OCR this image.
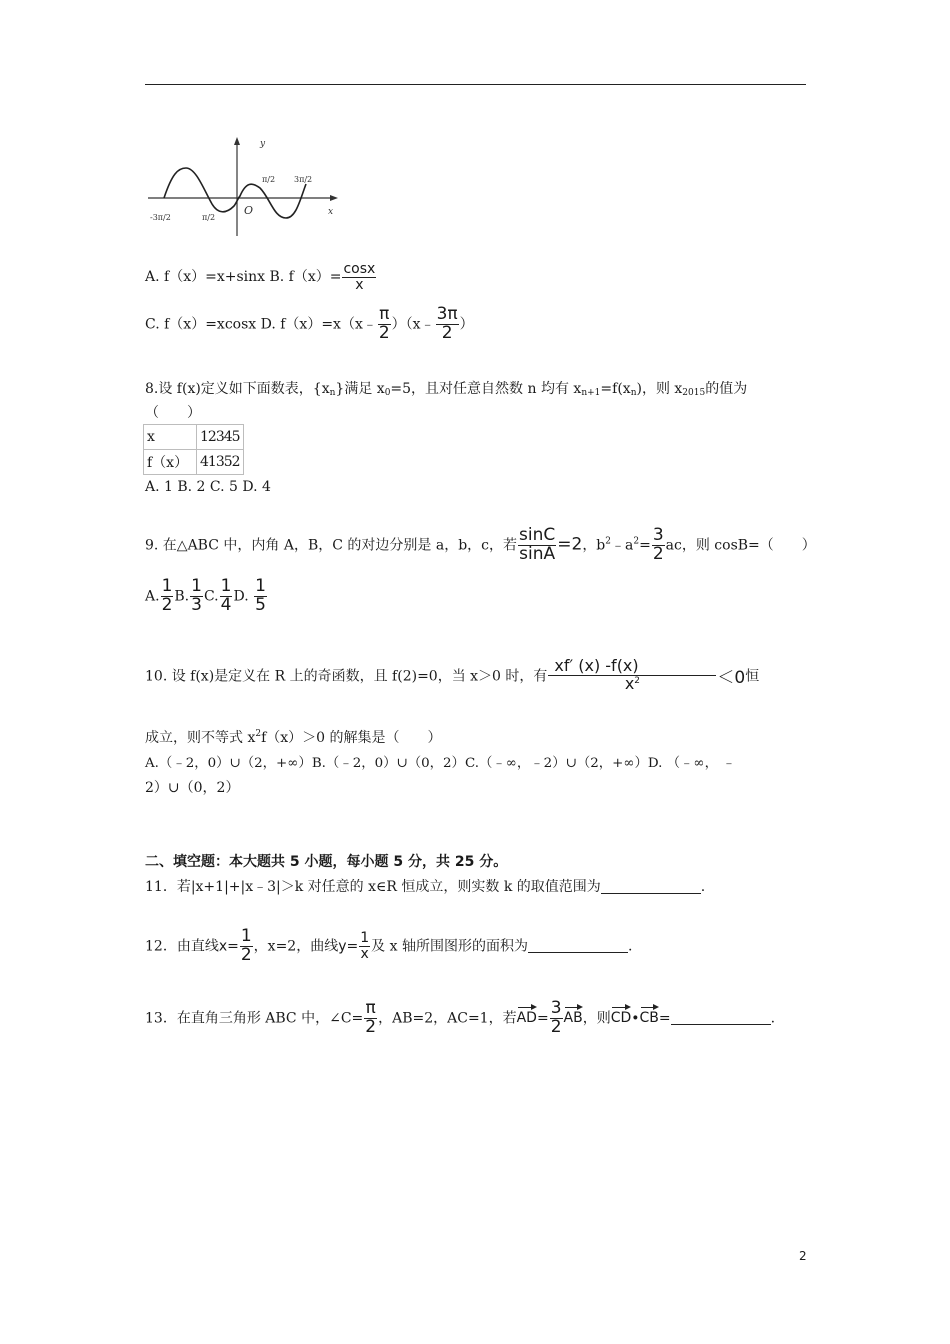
y
x
O
-3π/2	π/2
π/2 3π/2
A. f（x）=x+sinx B. $f(x)= \frac{\cos x}{x}$
C. f（x）=xcosx D. f（x）=x（x﹣ $\frac{\pi}{2}$ ）（x﹣ $\frac{3\pi}{2}$ ）
8.设 f(x)定义如下面数表，$\{x_n\}$满足 $x_0=5$，且对任意自然数 n 均有 $x_{n+1}=f(x_n)$，则 $x_{2015}$的值为
（　　）
x	12345
f（x）	41352
A. 1 B. 2 C. 5 D. 4
9. 在△ABC 中，内角 A，B，C 的对边分别是 a，b，c，若 $\frac{\sin C}{\sin A} =2$，$b^2﹣a^2= \frac{3}{2}$ ac，则 cosB=（　　）
A. $\frac{1}{2} B$. $\frac{1}{3} C$. $\frac{1}{4} D$. $\frac{1}{5}$
10. 设 f(x)是定义在 R 上的奇函数，且 f(2)=0，当 x＞0 时，有 $\frac{xf' (x) -f(x)}{x^2} <0$恒
成立，则不等式 $x^2f(x)>0$ 的解集是（　　）
A.（﹣2，0）∪（2，+∞）B.（﹣2，0）∪（0，2）C.（﹣∞，﹣2）∪（2，+∞）D. （﹣∞， ﹣
2）∪（0，2）
二、填空题：本大题共 5 小题，每小题 5 分，共 25 分。
11．若|x+1|+|x﹣3|＞k 对任意的 x∈R 恒成立，则实数 k 的取值范围为	.
12．由直线$x= \frac{1}{2}$ ，x=2，曲线$y= \frac{1}{x}$ 及 x 轴所围图形的面积为	.
13．在直角三角形 ABC 中，∠C= $\frac{\pi}{2}$ ，AB=2，AC=1，若$AD= \frac{3}{2}$ AB，则CD•CB=	.
2
